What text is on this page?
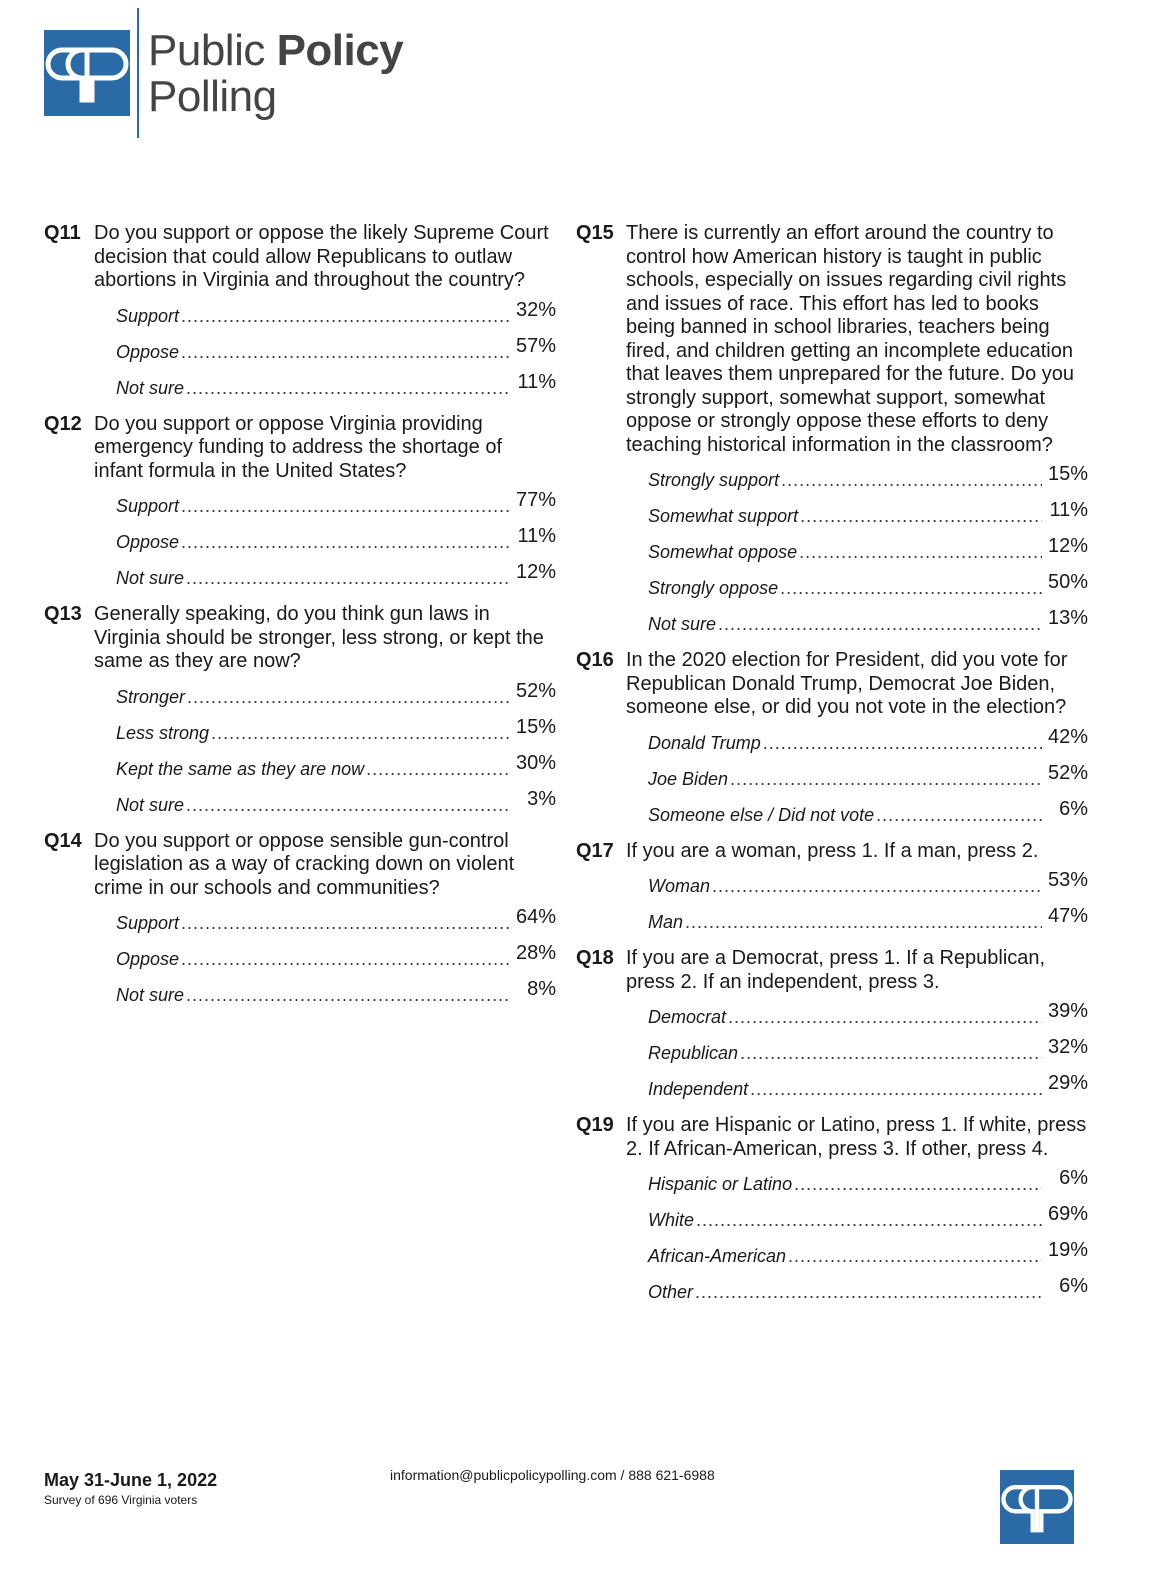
Public Policy
Polling
Q11 Do you support or oppose the likely Supreme Court decision that could allow Republicans to outlaw abortions in Virginia and throughout the country?
Support .....	32%
Oppose .....	57%
Not sure .....	11%
Q12 Do you support or oppose Virginia providing emergency funding to address the shortage of infant formula in the United States?
Support .....	77%
Oppose .....	11%
Not sure .....	12%
Q13 Generally speaking, do you think gun laws in Virginia should be stronger, less strong, or kept the same as they are now?
Stronger .....	52%
Less strong .....	15%
Kept the same as they are now .....	30%
Not sure .....	3%
Q14 Do you support or oppose sensible gun-control legislation as a way of cracking down on violent crime in our schools and communities?
Support .....	64%
Oppose .....	28%
Not sure .....	8%
Q15 There is currently an effort around the country to control how American history is taught in public schools, especially on issues regarding civil rights and issues of race. This effort has led to books being banned in school libraries, teachers being fired, and children getting an incomplete education that leaves them unprepared for the future. Do you strongly support, somewhat support, somewhat oppose or strongly oppose these efforts to deny teaching historical information in the classroom?
Strongly support .....	15%
Somewhat support .....	11%
Somewhat oppose .....	12%
Strongly oppose .....	50%
Not sure .....	13%
Q16 In the 2020 election for President, did you vote for Republican Donald Trump, Democrat Joe Biden, someone else, or did you not vote in the election?
Donald Trump .....	42%
Joe Biden .....	52%
Someone else / Did not vote .....	6%
Q17 If you are a woman, press 1. If a man, press 2.
Woman .....	53%
Man .....	47%
Q18 If you are a Democrat, press 1. If a Republican, press 2. If an independent, press 3.
Democrat .....	39%
Republican .....	32%
Independent .....	29%
Q19 If you are Hispanic or Latino, press 1. If white, press 2. If African-American, press 3. If other, press 4.
Hispanic or Latino .....	6%
White .....	69%
African-American .....	19%
Other .....	6%
May 31-June 1, 2022
Survey of 696 Virginia voters
information@publicpolicypolling.com / 888 621-6988
